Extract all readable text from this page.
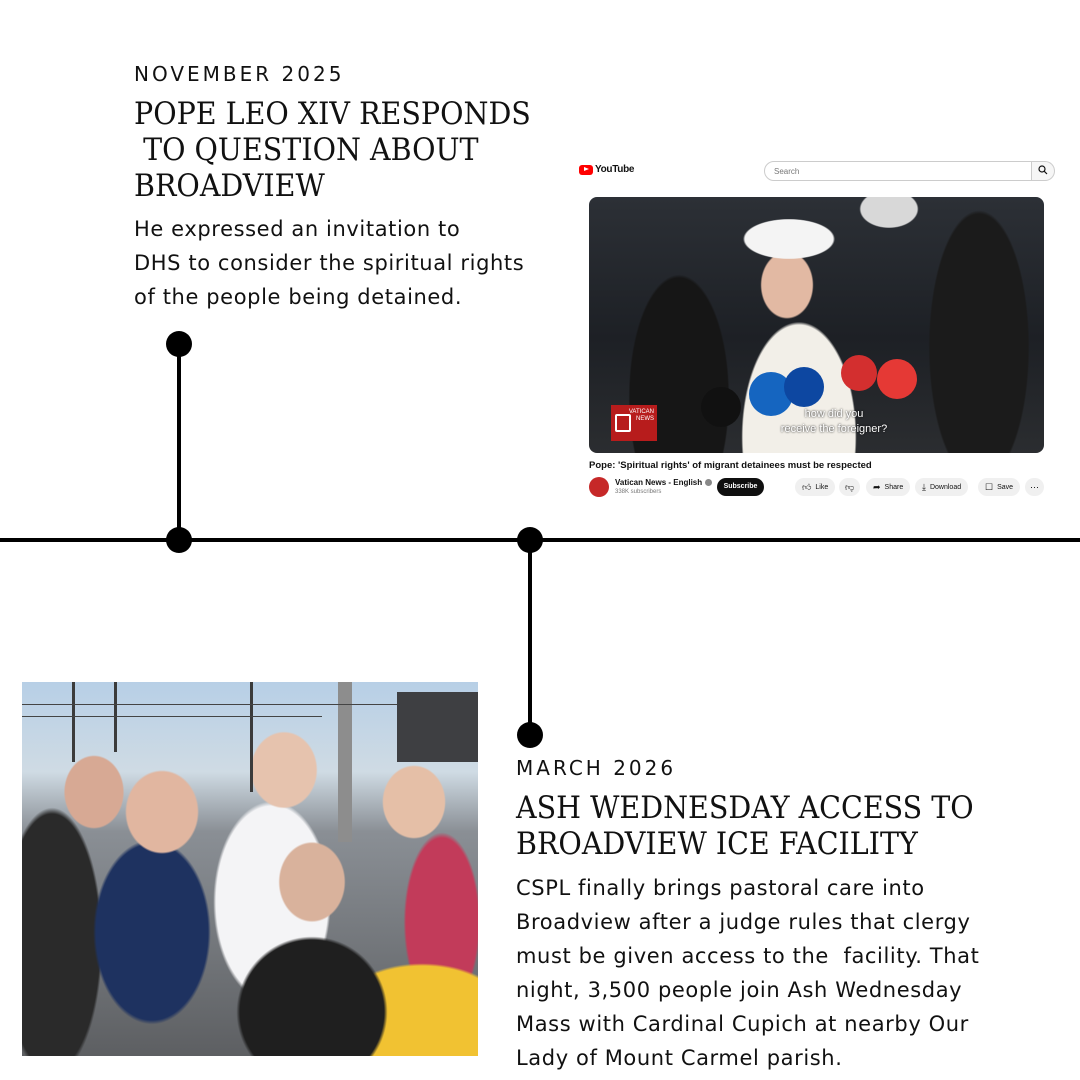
NOVEMBER 2025
POPE LEO XIV RESPONDS
TO QUESTION ABOUT
BROADVIEW
He expressed an invitation to
DHS to consider the spiritual rights
of the people being detained.
YouTube	Search
VATICAN
NEWS	how did you
receive the foreigner?
Pope: 'Spiritual rights' of migrant detainees must be respected
Vatican News - English
338K subscribers
Subscribe	👍︎ Like 👎︎ ➦ Share ⤓ Download	☐ Save ⋯
MARCH 2026
ASH WEDNESDAY ACCESS TO
BROADVIEW ICE FACILITY
CSPL finally brings pastoral care into
Broadview after a judge rules that clergy
must be given access to the  facility. That
night, 3,500 people join Ash Wednesday
Mass with Cardinal Cupich at nearby Our
Lady of Mount Carmel parish.
